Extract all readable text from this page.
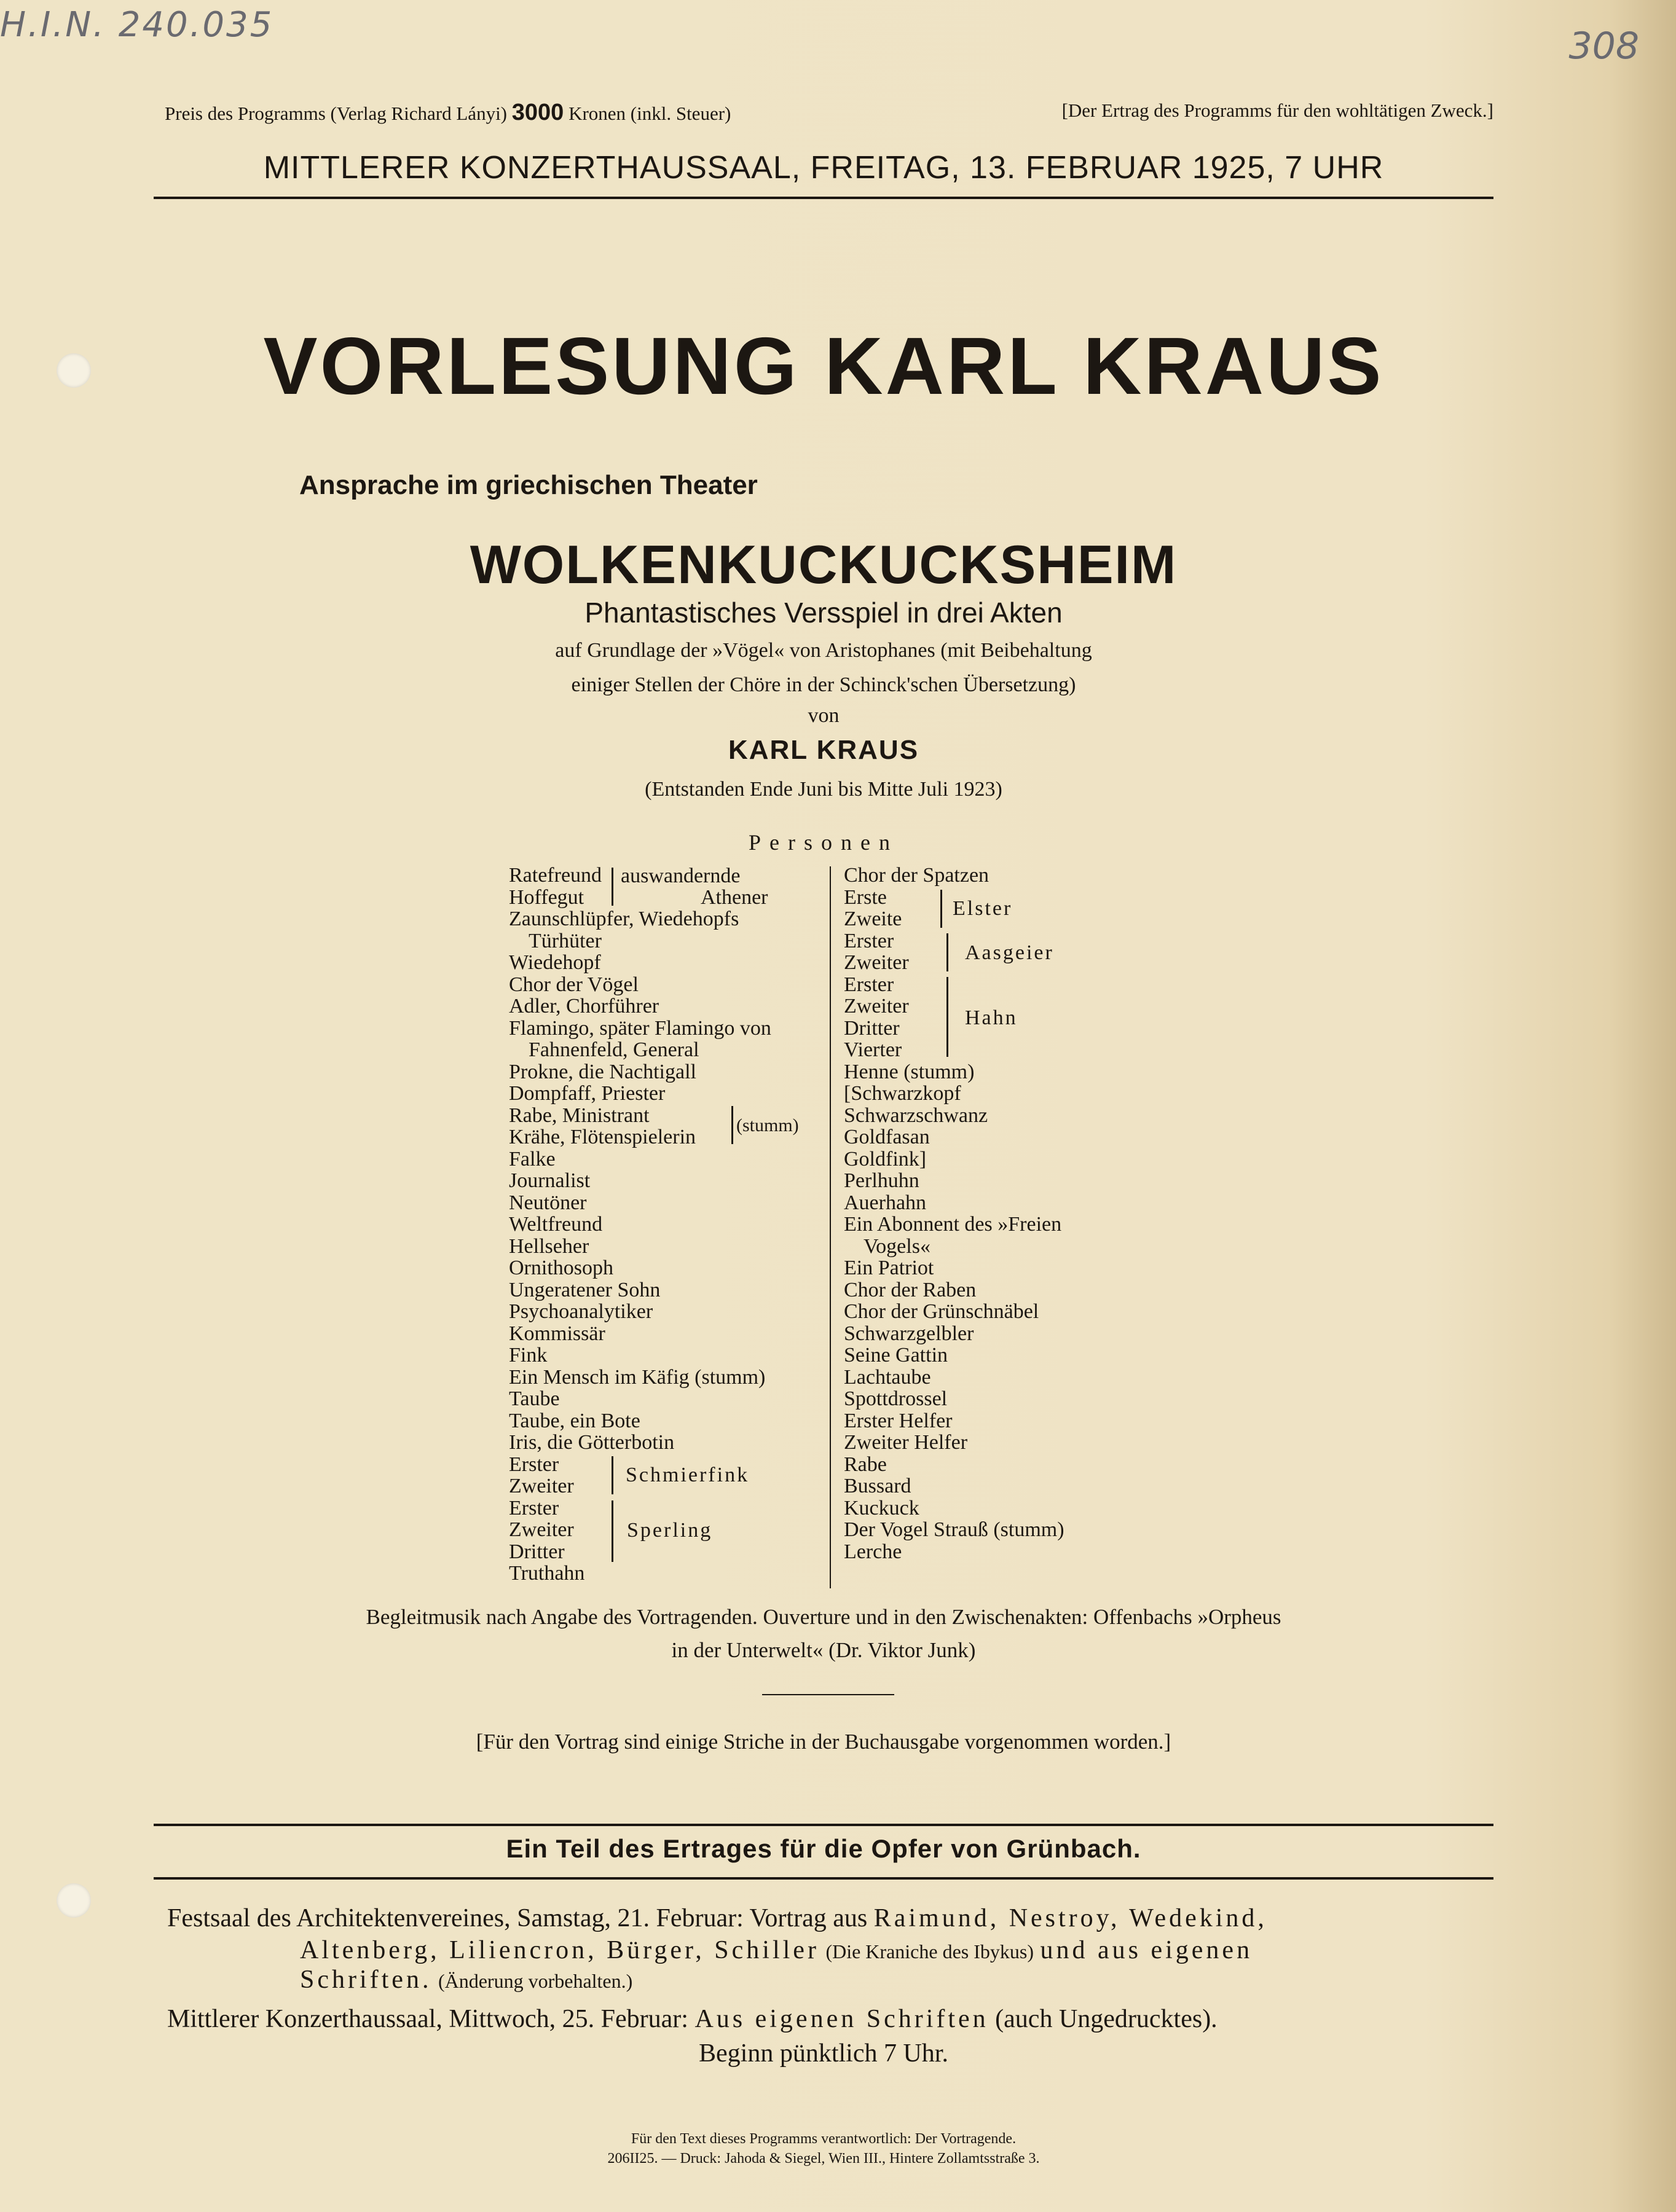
H.I.N. 240.035	308
Preis des Programms (Verlag Richard Lányi) 3000 Kronen (inkl. Steuer)	[Der Ertrag des Programms für den wohltätigen Zweck.]
MITTLERER KONZERTHAUSSAAL, FREITAG, 13. FEBRUAR 1925, 7 UHR
VORLESUNG KARL KRAUS
Ansprache im griechischen Theater
WOLKENKUCKUCKSHEIM
Phantastisches Versspiel in drei Akten
auf Grundlage der »Vögel« von Aristophanes (mit Beibehaltung
einiger Stellen der Chöre in der Schinck'schen Übersetzung)
von
KARL KRAUS
(Entstanden Ende Juni bis Mitte Juli 1923)
Personen
Ratefreund
Hoffegut
Zaunschlüpfer, Wiedehopfs
Türhüter
Wiedehopf
Chor der Vögel
Adler, Chorführer
Flamingo, später Flamingo von
Fahnenfeld, General
Prokne, die Nachtigall
Dompfaff, Priester
Rabe, Ministrant
Krähe, Flötenspielerin
Falke
Journalist
Neutöner
Weltfreund
Hellseher
Ornithosoph
Ungeratener Sohn
Psychoanalytiker
Kommissär
Fink
Ein Mensch im Käfig (stumm)
Taube
Taube, ein Bote
Iris, die Götterbotin
Erster
Zweiter
Erster
Zweiter
Dritter
Truthahn
auswandernde
Athener
(stumm)
Schmierfink
Sperling
Chor der Spatzen
Erste
Zweite
Erster
Zweiter
Erster
Zweiter
Dritter
Vierter
Henne (stumm)
[Schwarzkopf
Schwarzschwanz
Goldfasan
Goldfink]
Perlhuhn
Auerhahn
Ein Abonnent des »Freien
Vogels«
Ein Patriot
Chor der Raben
Chor der Grünschnäbel
Schwarzgelbler
Seine Gattin
Lachtaube
Spottdrossel
Erster Helfer
Zweiter Helfer
Rabe
Bussard
Kuckuck
Der Vogel Strauß (stumm)
Lerche
Elster
Aasgeier
Hahn
Begleitmusik nach Angabe des Vortragenden. Ouverture und in den Zwischenakten: Offenbachs »Orpheus
in der Unterwelt« (Dr. Viktor Junk)
[Für den Vortrag sind einige Striche in der Buchausgabe vorgenommen worden.]
Ein Teil des Ertrages für die Opfer von Grünbach.
Festsaal des Architektenvereines, Samstag, 21. Februar: Vortrag aus Raimund, Nestroy, Wedekind,
Altenberg, Liliencron, Bürger, Schiller (Die Kraniche des Ibykus) und aus eigenen
Schriften. (Änderung vorbehalten.)
Mittlerer Konzerthaussaal, Mittwoch, 25. Februar: Aus eigenen Schriften (auch Ungedrucktes).
Beginn pünktlich 7 Uhr.
Für den Text dieses Programms verantwortlich: Der Vortragende.
206II25. — Druck: Jahoda & Siegel, Wien III., Hintere Zollamtsstraße 3.
